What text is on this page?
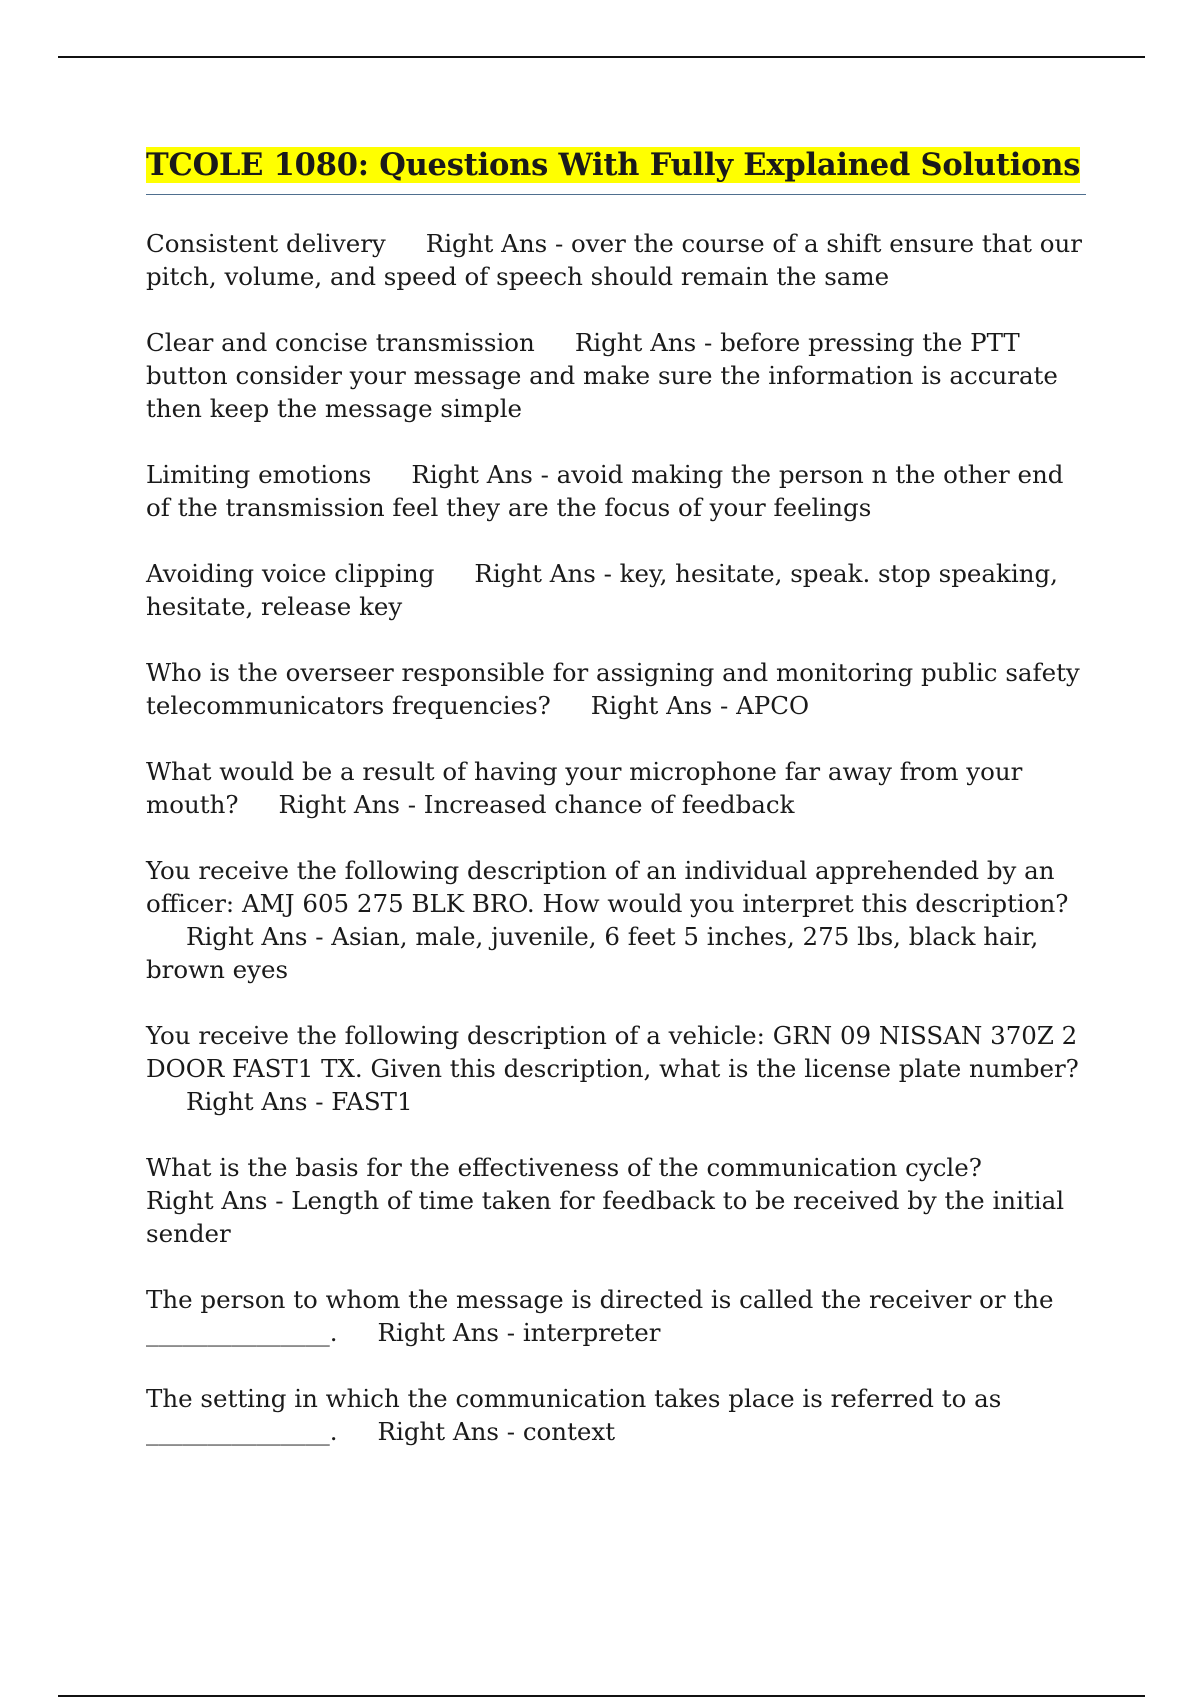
TCOLE 1080: Questions With Fully Explained Solutions

Consistent delivery Right Ans - over the course of a shift ensure that our pitch, volume, and speed of speech should remain the same

Clear and concise transmission Right Ans - before pressing the PTT button consider your message and make sure the information is accurate then keep the message simple

Limiting emotions Right Ans - avoid making the person n the other end of the transmission feel they are the focus of your feelings

Avoiding voice clipping Right Ans - key, hesitate, speak. stop speaking, hesitate, release key

Who is the overseer responsible for assigning and monitoring public safety telecommunicators frequencies? Right Ans - APCO

What would be a result of having your microphone far away from your mouth? Right Ans - Increased chance of feedback

You receive the following description of an individual apprehended by an officer: AMJ 605 275 BLK BRO. How would you interpret this description?Right Ans - Asian, male, juvenile, 6 feet 5 inches, 275 lbs, black hair, brown eyes

You receive the following description of a vehicle: GRN 09 NISSAN 370Z 2 DOOR FAST1 TX. Given this description, what is the license plate number?Right Ans - FAST1

What is the basis for the effectiveness of the communication cycle?Right Ans - Length of time taken for feedback to be received by the initial sender

The person to whom the message is directed is called the receiver or the _______________. Right Ans - interpreter

The setting in which the communication takes place is referred to as _______________. Right Ans - context
